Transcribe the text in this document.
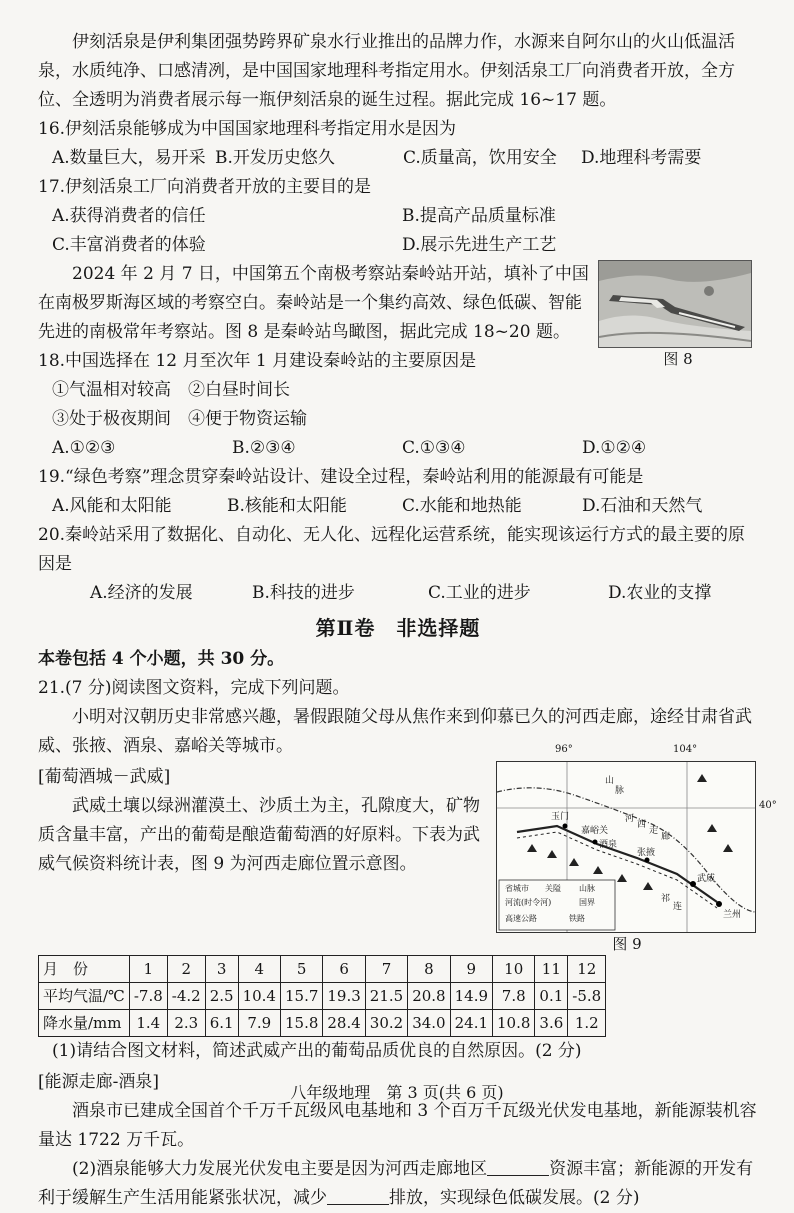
伊刻活泉是伊利集团强势跨界矿泉水行业推出的品牌力作，水源来自阿尔山的火山低温活泉，水质纯净、口感清冽，是中国国家地理科考指定用水。伊刻活泉工厂向消费者开放，全方位、全透明为消费者展示每一瓶伊刻活泉的诞生过程。据此完成 16~17 题。

16.伊刻活泉能够成为中国国家地理科考指定用水是因为

A.数量巨大，易开采 B.开发历史悠久	C.质量高，饮用安全	D.地理科考需要

17.伊刻活泉工厂向消费者开放的主要目的是

A.获得消费者的信任	B.提高产品质量标准
C.丰富消费者的体验	D.展示先进生产工艺
图 8

2024 年 2 月 7 日，中国第五个南极考察站秦岭站开站，填补了中国在南极罗斯海区域的考察空白。秦岭站是一个集约高效、绿色低碳、智能先进的南极常年考察站。图 8 是秦岭站鸟瞰图，据此完成 18~20 题。

18.中国选择在 12 月至次年 1 月建设秦岭站的主要原因是

①气温相对较高　②白昼时间长

③处于极夜期间　④便于物资运输

A.①②③	B.②③④	C.①③④	D.①②④

19.“绿色考察”理念贯穿秦岭站设计、建设全过程，秦岭站利用的能源最有可能是

A.风能和太阳能	B.核能和太阳能	C.水能和地热能	D.石油和天然气

20.秦岭站采用了数据化、自动化、无人化、远程化运营系统，能实现该运行方式的最主要的原因是

A.经济的发展	B.科技的进步	C.工业的进步	D.农业的支撑
第Ⅱ卷　非选择题

本卷包括 4 个小题，共 30 分。

21.(7 分)阅读图文资料，完成下列问题。

小明对汉朝历史非常感兴趣，暑假跟随父母从焦作来到仰慕已久的河西走廊，途经甘肃省武威、张掖、酒泉、嘉峪关等城市。	96°	104°
40°
玉门
嘉峪关
酒泉
张掖
武威
兰州
山
脉
祁
连
河
西
走
廊
省城市 关隘 山脉
河流(时令河)	国界
高速公路	铁路
图 9

[葡萄酒城－武威]

武威土壤以绿洲灌漠土、沙质土为主，孔隙度大，矿物质含量丰富，产出的葡萄是酿造葡萄酒的好原料。下表为武威气候资料统计表，图 9 为河西走廊位置示意图。

月　份	1	2	3	4	5	6	7	8	9	10	11	12
平均气温/℃	-7.8	-4.2	2.5	10.4	15.7	19.3	21.5	20.8	14.9	7.8	0.1	-5.8
降水量/mm	1.4	2.3	6.1	7.9	15.8	28.4	30.2	34.0	24.1	10.8	3.6	1.2

(1)请结合图文材料，简述武威产出的葡萄品质优良的自然原因。(2 分)

[能源走廊-酒泉]

酒泉市已建成全国首个千万千瓦级风电基地和 3 个百万千瓦级光伏发电基地，新能源装机容量达 1722 万千瓦。

(2)酒泉能够大力发展光伏发电主要是因为河西走廊地区	资源丰富；新能源的开发有利于缓解生产生活用能紧张状况，减少	排放，实现绿色低碳发展。(2 分)

八年级地理　第 3 页(共 6 页)
